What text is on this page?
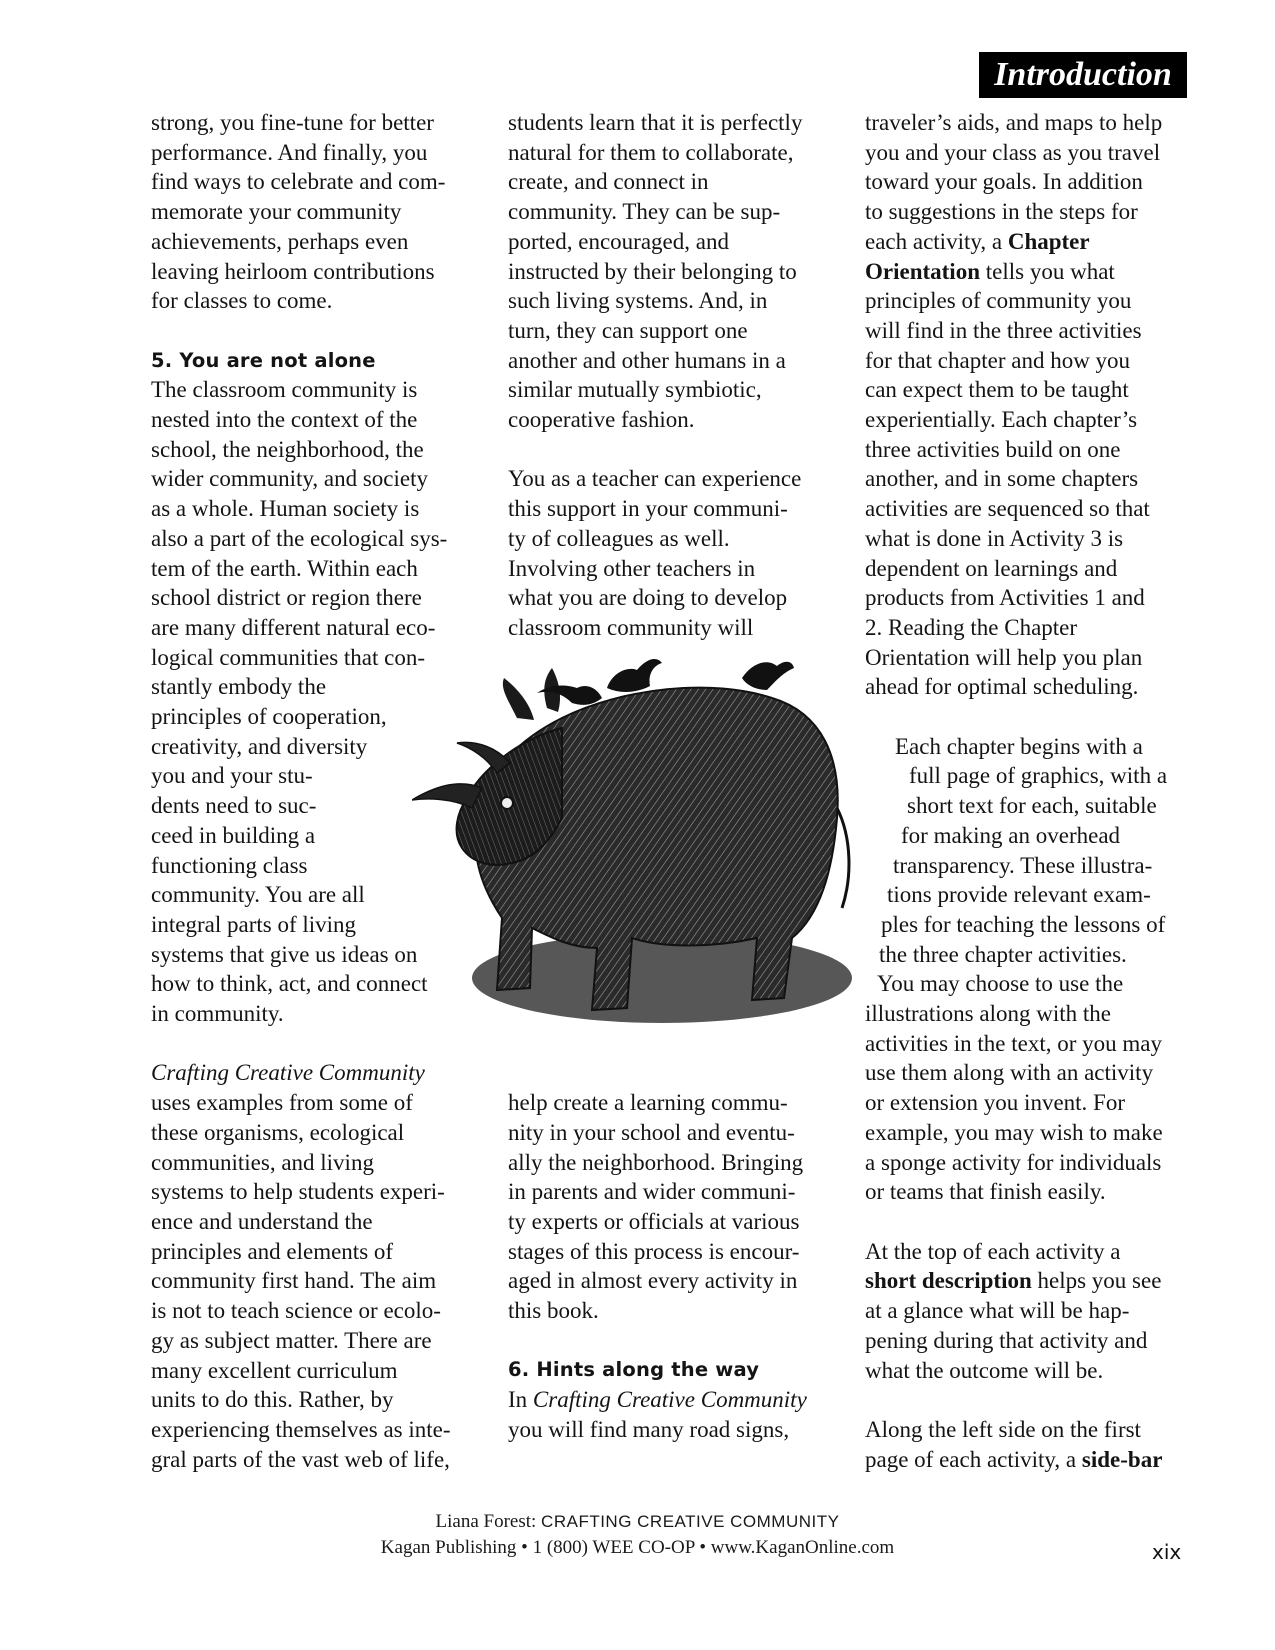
Introduction

strong, you fine-tune for better
performance. And finally, you
find ways to celebrate and com-
memorate your community
achievements, perhaps even
leaving heirloom contributions
for classes to come.

5. You are not alone

The classroom community is
nested into the context of the
school, the neighborhood, the
wider community, and society
as a whole. Human society is
also a part of the ecological sys-
tem of the earth. Within each
school district or region there
are many different natural eco-
logical communities that con-
stantly embody the
principles of cooperation,
creativity, and diversity
you and your stu-
dents need to suc-
ceed in building a
functioning class
community. You are all
integral parts of living
systems that give us ideas on
how to think, act, and connect
in community.

Crafting Creative Community
uses examples from some of
these organisms, ecological
communities, and living
systems to help students experi-
ence and understand the
principles and elements of
community first hand. The aim
is not to teach science or ecolo-
gy as subject matter. There are
many excellent curriculum
units to do this. Rather, by
experiencing themselves as inte-
gral parts of the vast web of life,

students learn that it is perfectly
natural for them to collaborate,
create, and connect in
community. They can be sup-
ported, encouraged, and
instructed by their belonging to
such living systems. And, in
turn, they can support one
another and other humans in a
similar mutually symbiotic,
cooperative fashion.

You as a teacher can experience
this support in your communi-
ty of colleagues as well.
Involving other teachers in
what you are doing to develop
classroom community will

help create a learning commu-
nity in your school and eventu-
ally the neighborhood. Bringing
in parents and wider communi-
ty experts or officials at various
stages of this process is encour-
aged in almost every activity in
this book.

6. Hints along the way

In Crafting Creative Community
you will find many road signs,

traveler’s aids, and maps to help
you and your class as you travel
toward your goals. In addition
to suggestions in the steps for
each activity, a Chapter
Orientation tells you what
principles of community you
will find in the three activities
for that chapter and how you
can expect them to be taught
experientially. Each chapter’s
three activities build on one
another, and in some chapters
activities are sequenced so that
what is done in Activity 3 is
dependent on learnings and
products from Activities 1 and
2. Reading the Chapter
Orientation will help you plan
ahead for optimal scheduling.

Each chapter begins with a
full page of graphics, with a
short text for each, suitable
for making an overhead
transparency. These illustra-
tions provide relevant exam-
ples for teaching the lessons of
the three chapter activities.
You may choose to use the
illustrations along with the
activities in the text, or you may
use them along with an activity
or extension you invent. For
example, you may wish to make
a sponge activity for individuals
or teams that finish easily.

At the top of each activity a
short description helps you see
at a glance what will be hap-
pening during that activity and
what the outcome will be.

Along the left side on the first
page of each activity, a side-bar

Liana Forest: CRAFTING CREATIVE COMMUNITY
Kagan Publishing • 1 (800) WEE CO-OP • www.KaganOnline.com	xix
